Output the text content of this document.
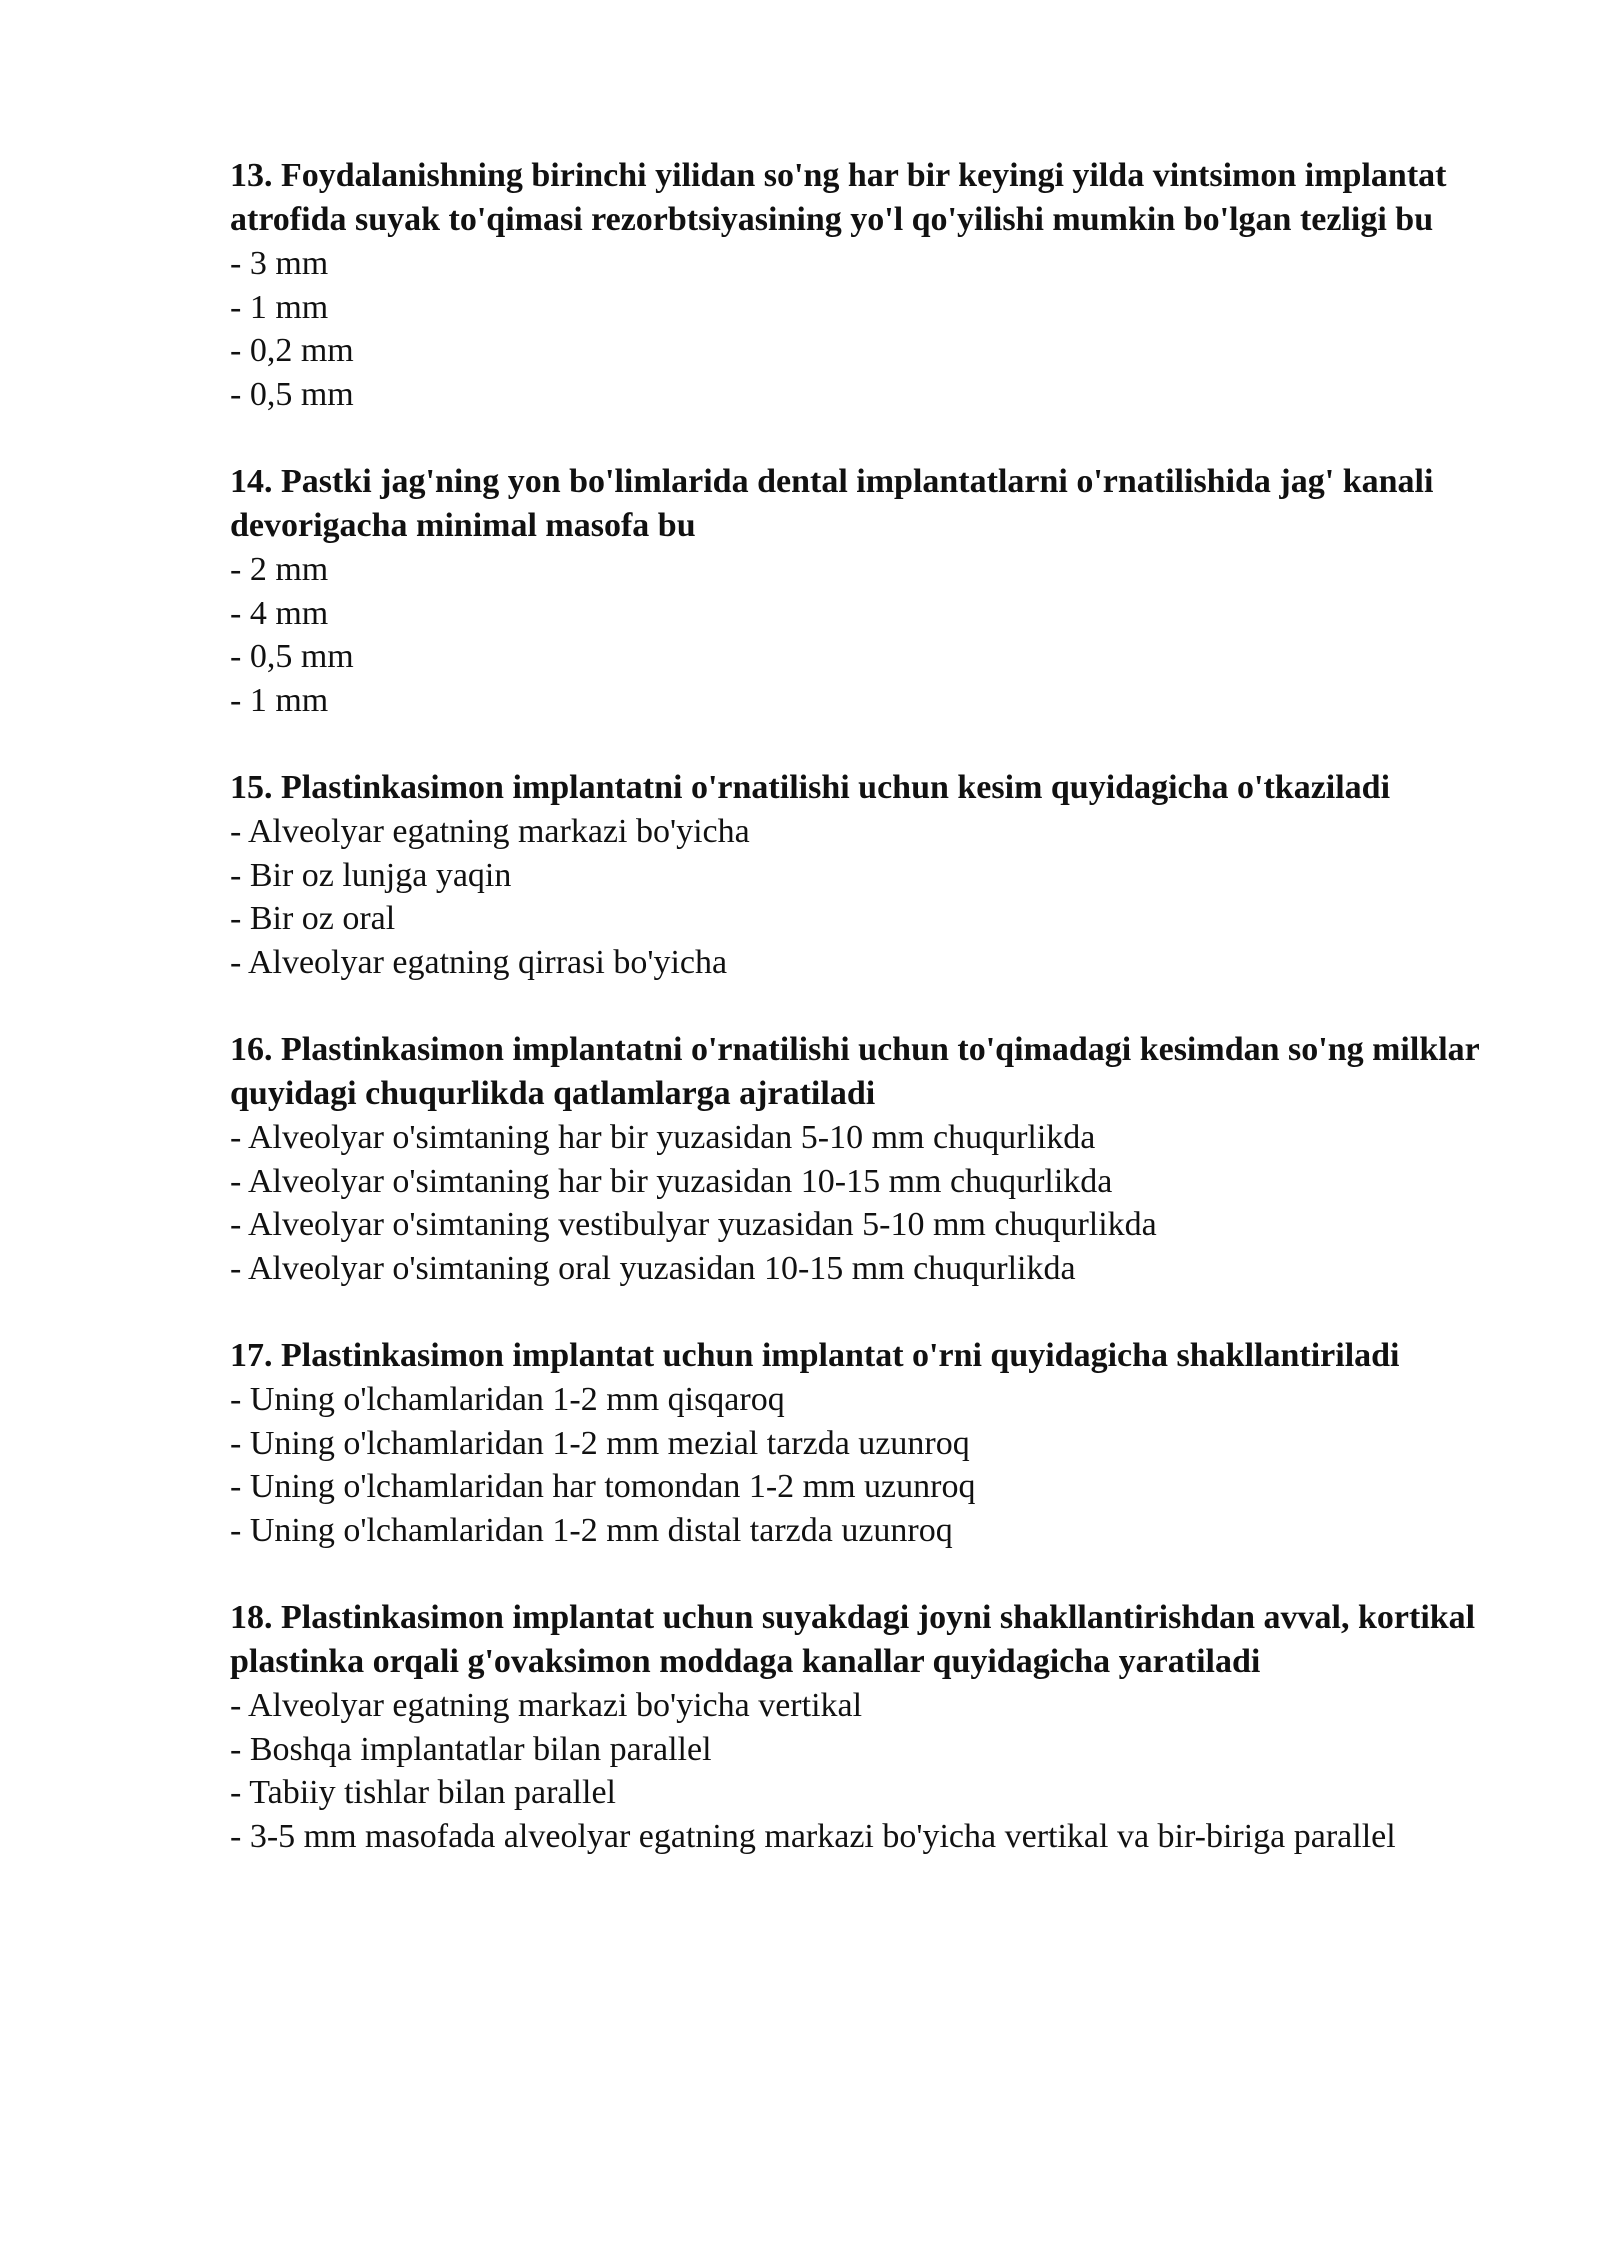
13. Foydalanishning birinchi yilidan so'ng har bir keyingi yilda vintsimon implantat atrofida suyak to'qimasi rezorbtsiyasining yo'l qo'yilishi mumkin bo'lgan tezligi bu

- 3 mm
- 1 mm
- 0,2 mm
- 0,5 mm

14. Pastki jag'ning yon bo'limlarida dental implantatlarni o'rnatilishida jag' kanali devorigacha minimal masofa bu

- 2 mm
- 4 mm
- 0,5 mm
- 1 mm

15. Plastinkasimon implantatni o'rnatilishi uchun kesim quyidagicha o'tkaziladi

- Alveolyar egatning markazi bo'yicha
- Bir oz lunjga yaqin
- Bir oz oral
- Alveolyar egatning qirrasi bo'yicha

16. Plastinkasimon implantatni o'rnatilishi uchun to'qimadagi kesimdan so'ng milklar quyidagi chuqurlikda qatlamlarga ajratiladi

- Alveolyar o'simtaning har bir yuzasidan 5-10 mm chuqurlikda
- Alveolyar o'simtaning har bir yuzasidan 10-15 mm chuqurlikda
- Alveolyar o'simtaning vestibulyar yuzasidan 5-10 mm chuqurlikda
- Alveolyar o'simtaning oral yuzasidan 10-15 mm chuqurlikda

17. Plastinkasimon implantat uchun implantat o'rni quyidagicha shakllantiriladi

- Uning o'lchamlaridan 1-2 mm qisqaroq
- Uning o'lchamlaridan 1-2 mm mezial tarzda uzunroq
- Uning o'lchamlaridan har tomondan 1-2 mm uzunroq
- Uning o'lchamlaridan 1-2 mm distal tarzda uzunroq

18. Plastinkasimon implantat uchun suyakdagi joyni shakllantirishdan avval, kortikal plastinka orqali g'ovaksimon moddaga kanallar quyidagicha yaratiladi

- Alveolyar egatning markazi bo'yicha vertikal
- Boshqa implantatlar bilan parallel
- Tabiiy tishlar bilan parallel
- 3-5 mm masofada alveolyar egatning markazi bo'yicha vertikal va bir-biriga parallel
